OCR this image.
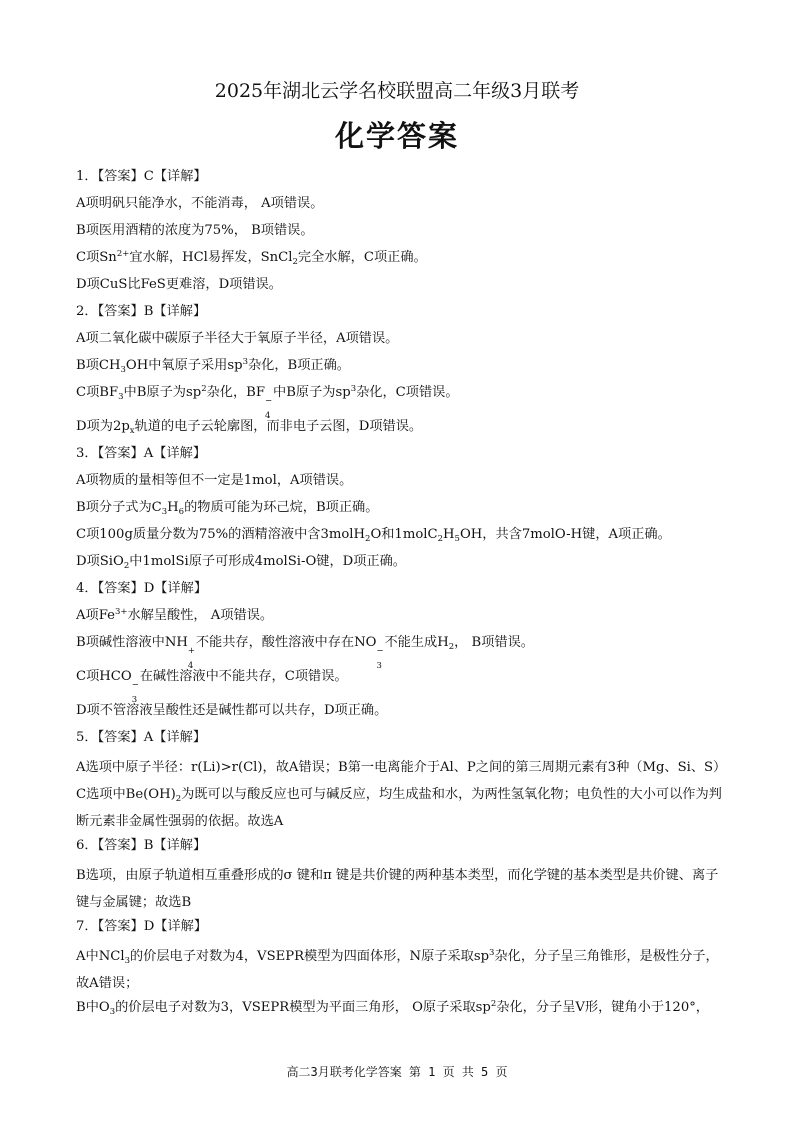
2025年湖北云学名校联盟高二年级3月联考
化学答案
1．【答案】C【详解】
A项明矾只能净水，不能消毒， A项错误。
B项医用酒精的浓度为75%， B项错误。
C项$Sn^{2+}$宜水解，HCl易挥发，SnCl$_2$完全水解，C项正确。
D项CuS比FeS更难溶，D项错误。
2．【答案】B【详解】
A项二氧化碳中碳原子半径大于氧原子半径，A项错误。
B项$CH_3OH$中氧原子采用$sp^3$杂化，B项正确。
C项$BF_3$中B原子为$sp^2$杂化，BF
−
4
中B原子为$sp^3$杂化，C项错误。
D项为$2p_x$轨道的电子云轮廓图，而非电子云图，D项错误。
3．【答案】A【详解】
A项物质的量相等但不一定是1mol，A项错误。
B项分子式为$C_3H_6$的物质可能为环己烷，B项正确。
C项100g质量分数为75%的酒精溶液中含3molH$_2$O和$1molC_2H_5OH$，共含7molO-H键，A项正确。
D项SiO$_2$中1molSi原子可形成4molSi-O键，D项正确。
4．【答案】D【详解】
A项$Fe^{3+}$水解呈酸性， A项错误。
B项碱性溶液中NH
+
4
不能共存，酸性溶液中存在NO
−
3
不能生成$H_2$， B项错误。
C项HCO
−
3
在碱性溶液中不能共存，C项错误。
D项不管溶液呈酸性还是碱性都可以共存，D项正确。
5．【答案】A【详解】
A选项中原子半径：r(Li)>r(Cl)，故A错误；B第一电离能介于Al、P之间的第三周期元素有3种（Mg、Si、S）C选项中$Be(OH)_2$为既可以与酸反应也可与碱反应，均生成盐和水，为两性氢氧化物；电负性的大小可以作为判断元素非金属性强弱的依据。故选A
6．【答案】B【详解】
B选项，由原子轨道相互重叠形成的σ 键和π 键是共价键的两种基本类型，而化学键的基本类型是共价键、离子键与金属键；故选B
7．【答案】D【详解】
A中NCl$_3$的价层电子对数为4，VSEPR模型为四面体形，N原子采取$sp^3$杂化，分子呈三角锥形，是极性分子，故A错误；
B中$O_3$的价层电子对数为3，VSEPR模型为平面三角形， O原子采取$sp^2$杂化，分子呈V形，键角小于120°，
高二3月联考化学答案 第 1 页 共 5 页
